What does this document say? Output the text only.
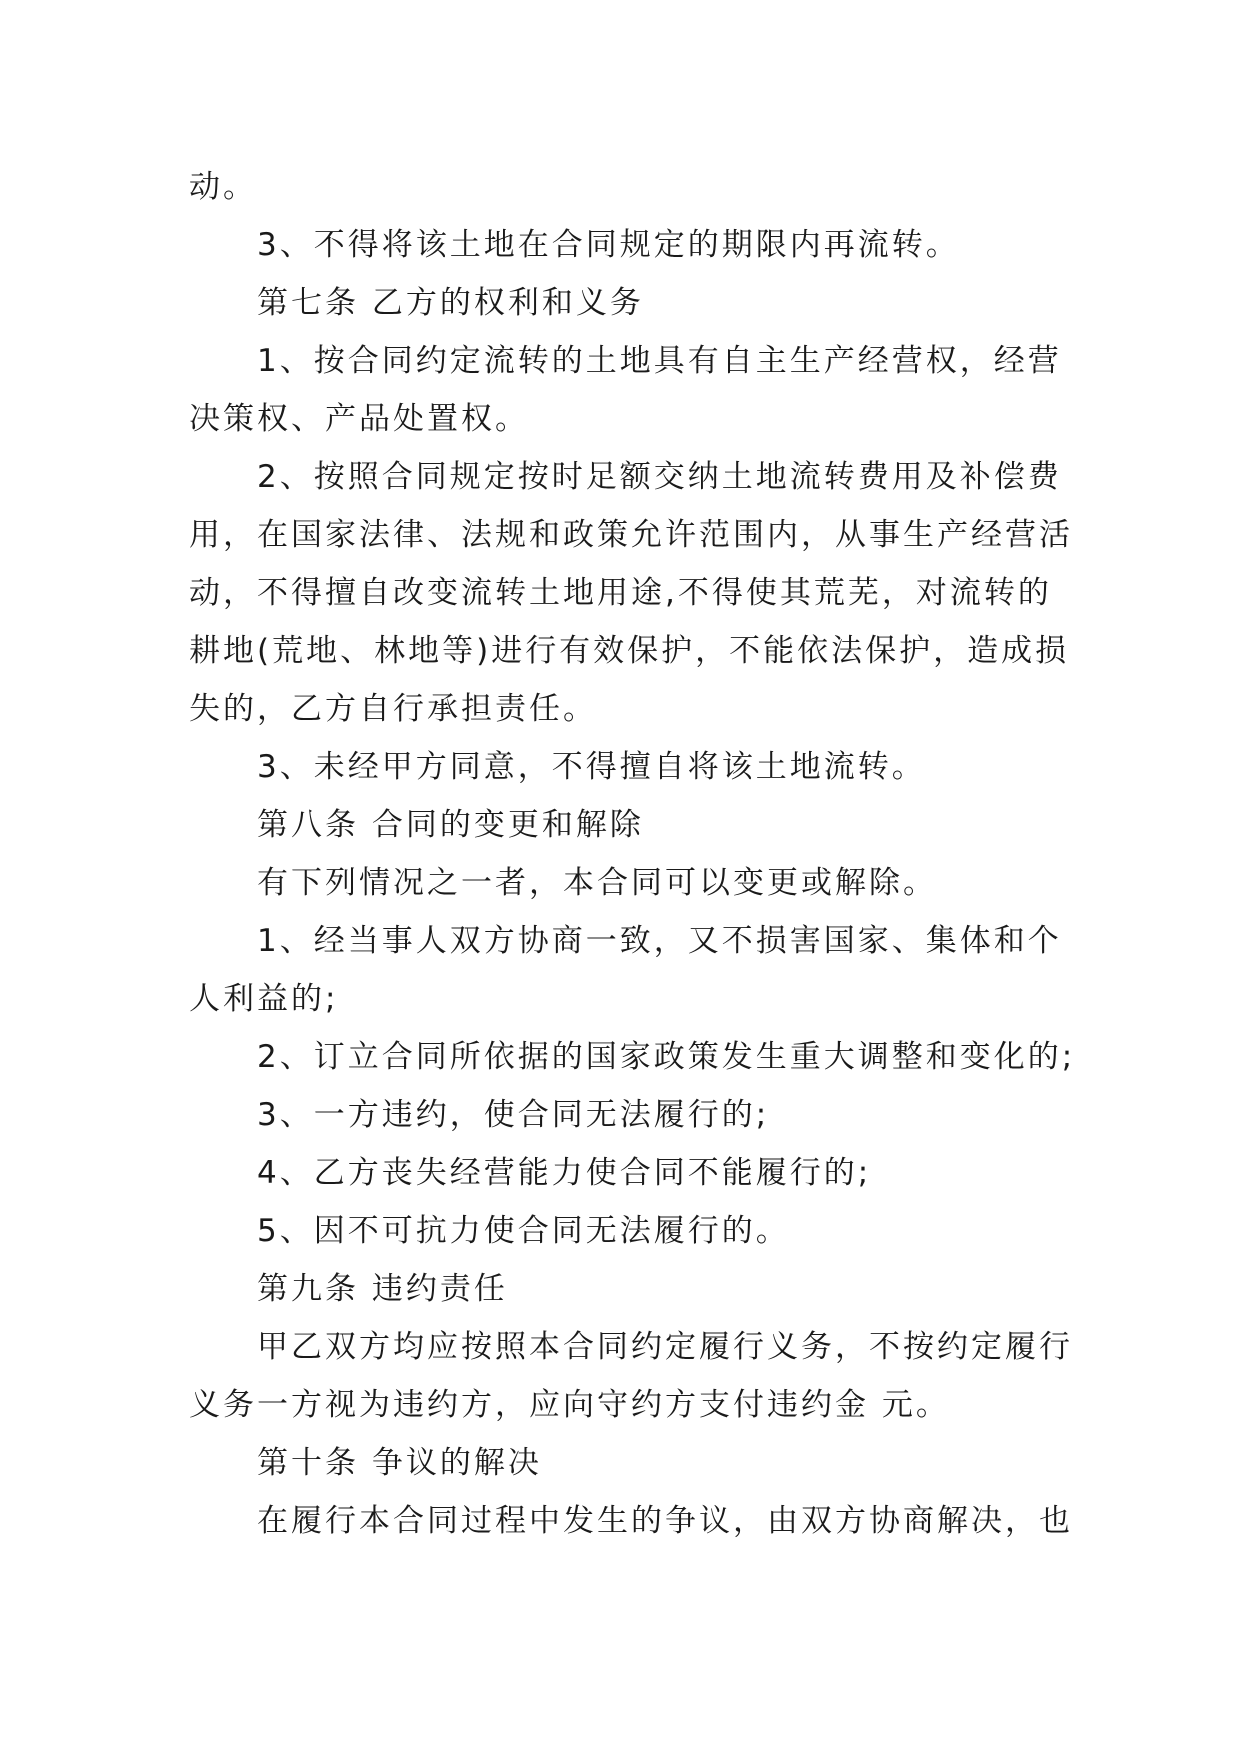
动。
3、不得将该土地在合同规定的期限内再流转。
第七条 乙方的权利和义务
1、按合同约定流转的土地具有自主生产经营权，经营
决策权、产品处置权。
2、按照合同规定按时足额交纳土地流转费用及补偿费
用，在国家法律、法规和政策允许范围内，从事生产经营活
动，不得擅自改变流转土地用途,不得使其荒芜，对流转的
耕地(荒地、林地等)进行有效保护，不能依法保护，造成损
失的，乙方自行承担责任。
3、未经甲方同意，不得擅自将该土地流转。
第八条 合同的变更和解除
有下列情况之一者，本合同可以变更或解除。
1、经当事人双方协商一致，又不损害国家、集体和个
人利益的;
2、订立合同所依据的国家政策发生重大调整和变化的;
3、一方违约，使合同无法履行的;
4、乙方丧失经营能力使合同不能履行的;
5、因不可抗力使合同无法履行的。
第九条 违约责任
甲乙双方均应按照本合同约定履行义务，不按约定履行
义务一方视为违约方，应向守约方支付违约金 元。
第十条 争议的解决
在履行本合同过程中发生的争议，由双方协商解决，也
